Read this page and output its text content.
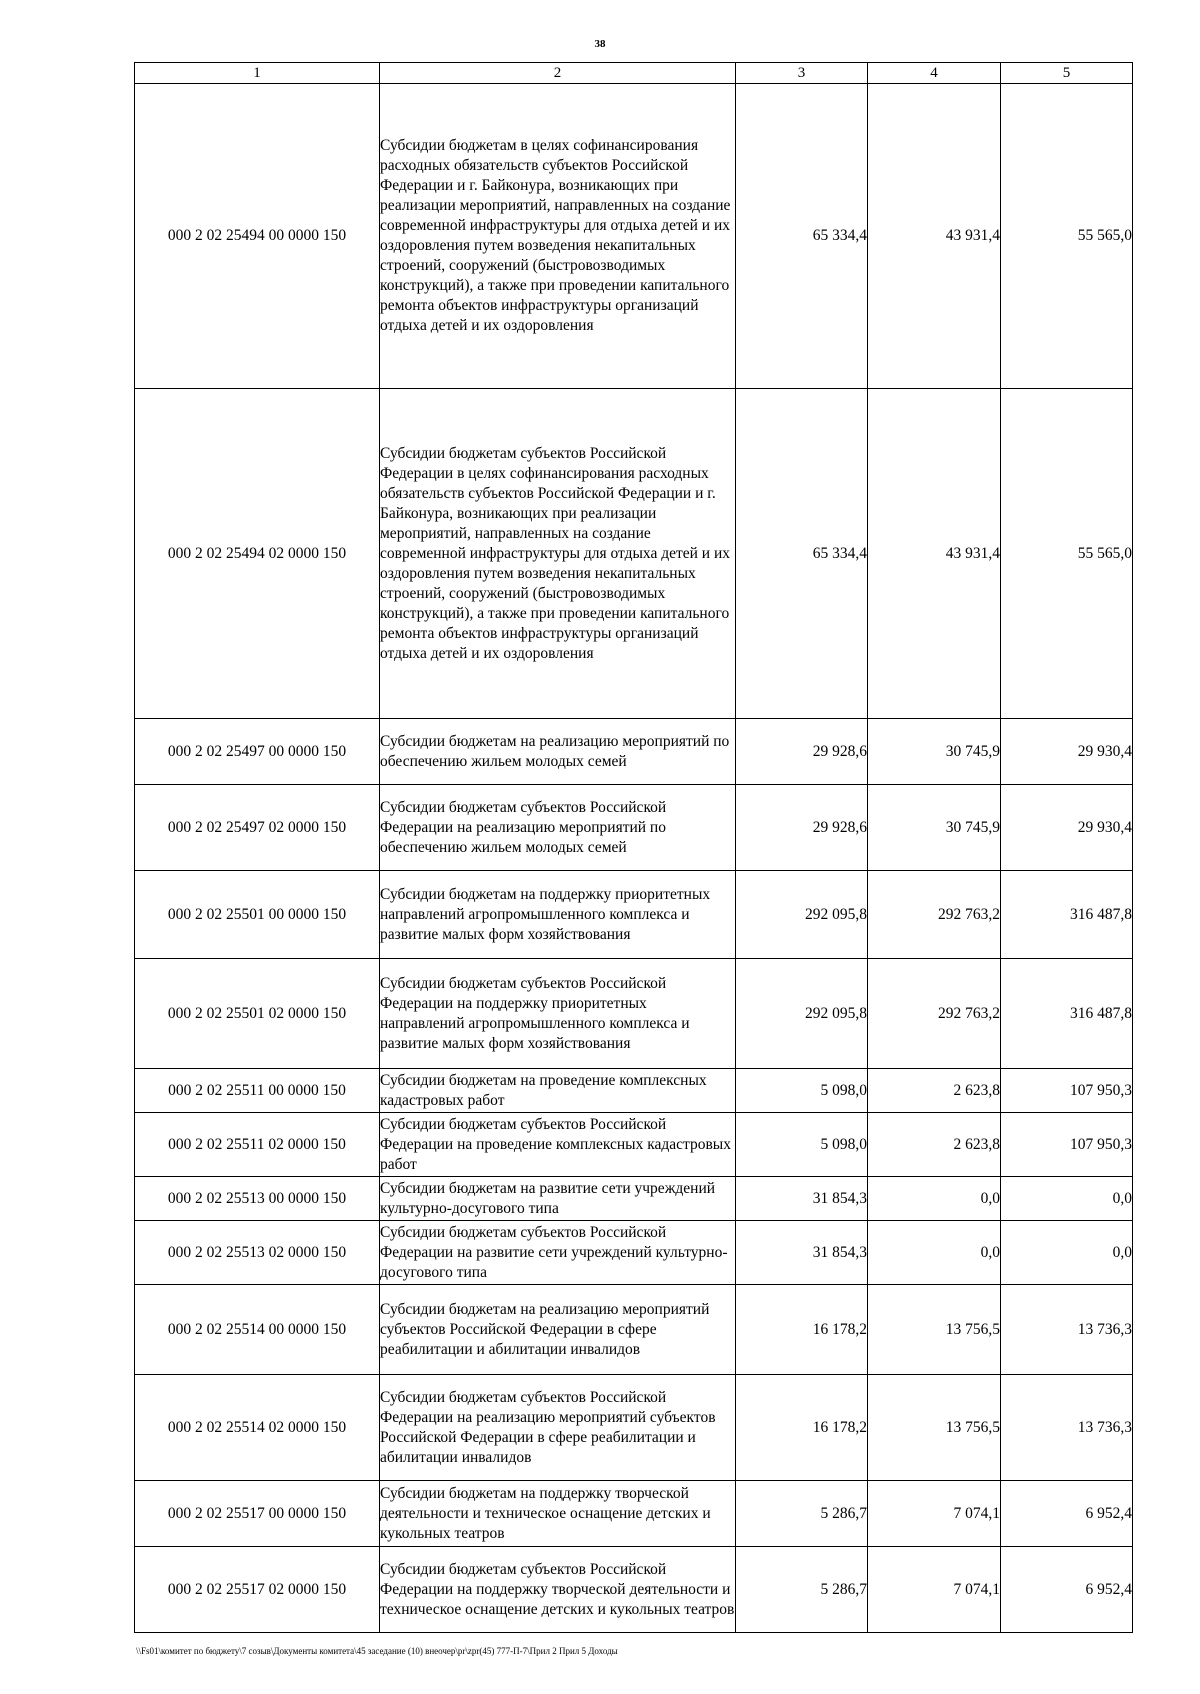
38
1	2	3	4	5
000 2 02 25494 00 0000 150	Субсидии бюджетам в целях софинансирования расходных обязательств субъектов Российской Федерации и г. Байконура, возникающих при реализации мероприятий, направленных на создание современной инфраструктуры для отдыха детей и их оздоровления путем возведения некапитальных строений, сооружений (быстровозводимых конструкций), а также при проведении капитального ремонта объектов инфраструктуры организаций отдыха детей и их оздоровления	65 334,4	43 931,4	55 565,0
000 2 02 25494 02 0000 150	Субсидии бюджетам субъектов Российской Федерации в целях софинансирования расходных обязательств субъектов Российской Федерации и г. Байконура, возникающих при реализации мероприятий, направленных на создание современной инфраструктуры для отдыха детей и их оздоровления путем возведения некапитальных строений, сооружений (быстровозводимых конструкций), а также при проведении капитального ремонта объектов инфраструктуры организаций отдыха детей и их оздоровления	65 334,4	43 931,4	55 565,0
000 2 02 25497 00 0000 150	Субсидии бюджетам на реализацию мероприятий по обеспечению жильем молодых семей	29 928,6	30 745,9	29 930,4
000 2 02 25497 02 0000 150	Субсидии бюджетам субъектов Российской Федерации на реализацию мероприятий по обеспечению жильем молодых семей	29 928,6	30 745,9	29 930,4
000 2 02 25501 00 0000 150	Субсидии бюджетам на поддержку приоритетных направлений агропромышленного комплекса и развитие малых форм хозяйствования	292 095,8	292 763,2	316 487,8
000 2 02 25501 02 0000 150	Субсидии бюджетам субъектов Российской Федерации на поддержку приоритетных направлений агропромышленного комплекса и развитие малых форм хозяйствования	292 095,8	292 763,2	316 487,8
000 2 02 25511 00 0000 150	Субсидии бюджетам на проведение комплексных кадастровых работ	5 098,0	2 623,8	107 950,3
000 2 02 25511 02 0000 150	Субсидии бюджетам субъектов Российской Федерации на проведение комплексных кадастровых работ	5 098,0	2 623,8	107 950,3
000 2 02 25513 00 0000 150	Субсидии бюджетам на развитие сети учреждений культурно-досугового типа	31 854,3	0,0	0,0
000 2 02 25513 02 0000 150	Субсидии бюджетам субъектов Российской Федерации на развитие сети учреждений культурно-досугового типа	31 854,3	0,0	0,0
000 2 02 25514 00 0000 150	Субсидии бюджетам на реализацию мероприятий субъектов Российской Федерации в сфере реабилитации и абилитации инвалидов	16 178,2	13 756,5	13 736,3
000 2 02 25514 02 0000 150	Субсидии бюджетам субъектов Российской Федерации на реализацию мероприятий субъектов Российской Федерации в сфере реабилитации и абилитации инвалидов	16 178,2	13 756,5	13 736,3
000 2 02 25517 00 0000 150	Субсидии бюджетам на поддержку творческой деятельности и техническое оснащение детских и кукольных театров	5 286,7	7 074,1	6 952,4
000 2 02 25517 02 0000 150	Субсидии бюджетам субъектов Российской Федерации на поддержку творческой деятельности и техническое оснащение детских и кукольных театров	5 286,7	7 074,1	6 952,4
\\Fs01\комитет по бюджету\7 созыв\Документы комитета\45 заседание (10) внеочер\pr\zpr(45) 777-П-7\Прил 2 Прил 5 Доходы
